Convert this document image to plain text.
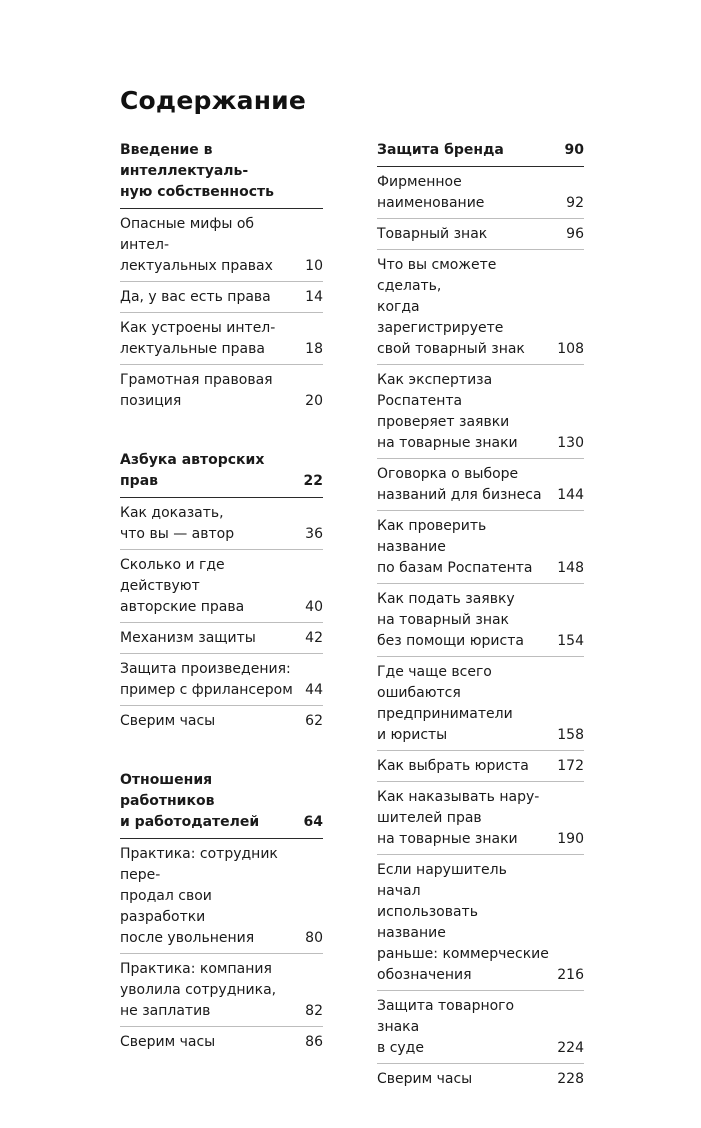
Содержание
Введение в интеллектуаль-
ную собственность
Опасные мифы об интел-
лектуальных правах	10
Да, у вас есть права	14
Как устроены интел-
лектуальные права	18
Грамотная правовая
позиция	20
Азбука авторских прав	22
Как доказать,
что вы — автор	36
Сколько и где действуют
авторские права	40
Механизм защиты	42
Защита произведения:
пример с фрилансером 44
Сверим часы	62
Отношения работников
и работодателей	64
Практика: сотрудник пере-
продал свои разработки
после увольнения	80
Практика: компания
уволила сотрудника,
не заплатив	82
Сверим часы	86
Защита бренда	90
Фирменное
наименование	92
Товарный знак	96
Что вы сможете сделать,
когда зарегистрируете
свой товарный знак	108
Как экспертиза Роспатента
проверяет заявки
на товарные знаки	130
Оговорка о выборе
названий для бизнеса	144
Как проверить название
по базам Роспатента	148
Как подать заявку
на товарный знак
без помощи юриста	154
Где чаще всего ошибаются
предприниматели
и юристы	158
Как выбрать юриста	172
Как наказывать нару-
шителей прав
на товарные знаки	190
Если нарушитель начал
использовать название
раньше: коммерческие
обозначения	216
Защита товарного знака
в суде	224
Сверим часы	228
